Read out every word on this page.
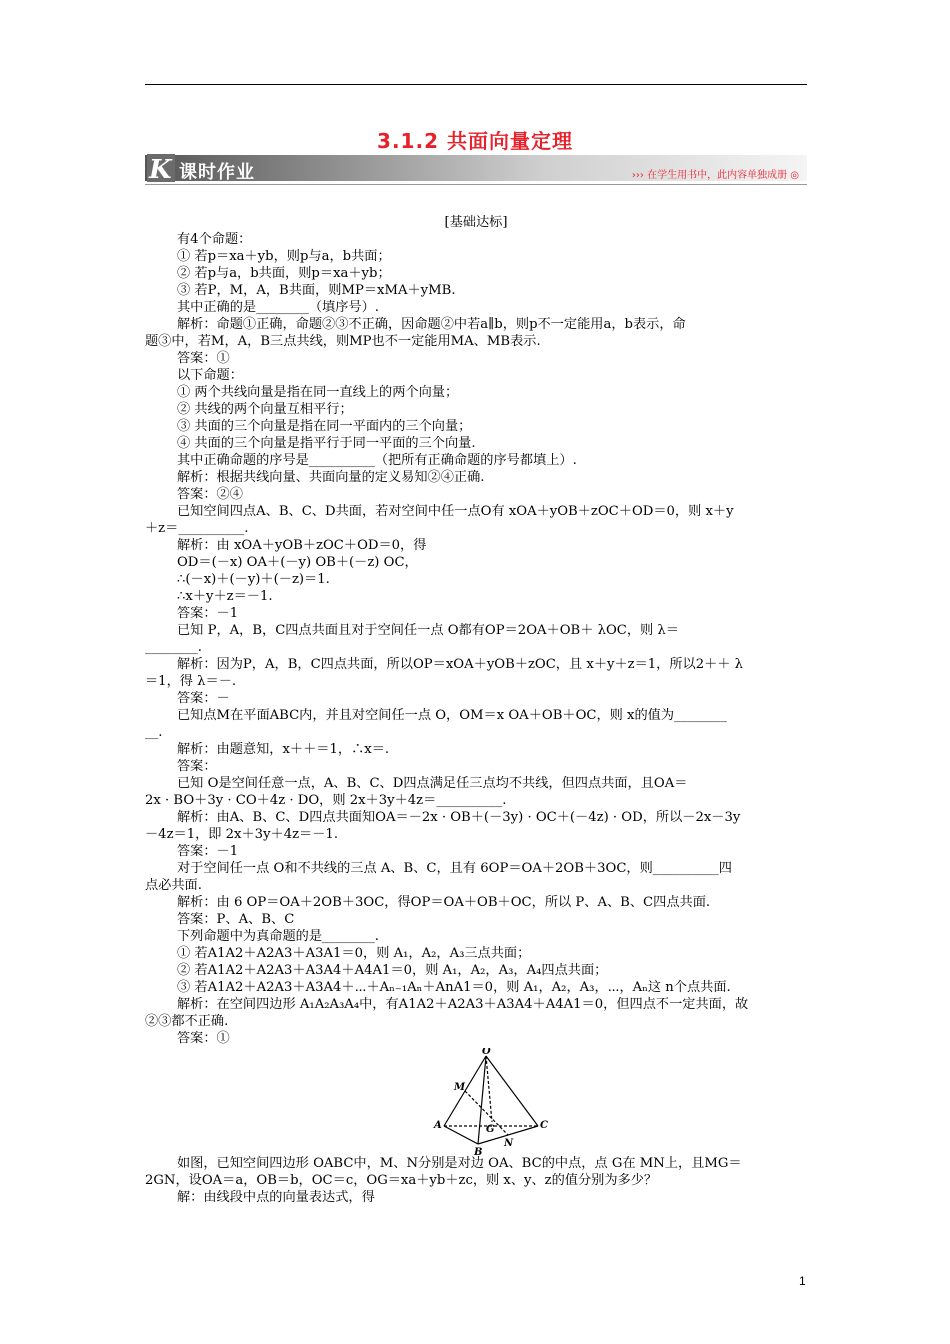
3.1.2 共面向量定理
K 课时作业	››› 在学生用书中，此内容单独成册 ◎
[基础达标]
有4个命题：
① 若p＝xa＋yb，则p与a，b共面；
② 若p与a，b共面，则p＝xa＋yb；
③ 若P，M，A，B共面，则MP＝xMA＋yMB.
其中正确的是________（填序号）.
解析：命题①正确，命题②③不正确，因命题②中若a∥b，则p不一定能用a，b表示，命
题③中，若M，A，B三点共线，则MP也不一定能用MA、MB表示.
答案：①
以下命题：
① 两个共线向量是指在同一直线上的两个向量；
② 共线的两个向量互相平行；
③ 共面的三个向量是指在同一平面内的三个向量；
④ 共面的三个向量是指平行于同一平面的三个向量.
其中正确命题的序号是__________（把所有正确命题的序号都填上）.
解析：根据共线向量、共面向量的定义易知②④正确.
答案：②④
已知空间四点A、B、C、D共面，若对空间中任一点O有 xOA＋yOB＋zOC＋OD＝0，则 x＋y
＋z＝__________.
解析：由 xOA＋yOB＋zOC＋OD＝0，得
OD＝(－x) OA＋(－y) OB＋(－z) OC，
∴(－x)＋(－y)＋(－z)＝1.
∴x＋y＋z＝－1.
答案：－1
已知 P，A，B，C四点共面且对于空间任一点 O都有OP＝2OA＋OB＋ λOC，则 λ＝
________.
解析：因为P，A，B，C四点共面，所以OP＝xOA＋yOB＋zOC，且 x＋y＋z＝1，所以2＋＋ λ
＝1，得 λ＝－.
答案：－
已知点M在平面ABC内，并且对空间任一点 O，OM＝x OA＋OB＋OC，则 x的值为________
__.
解析：由题意知，x＋＋＝1，∴x＝.
答案：
已知 O是空间任意一点，A、B、C、D四点满足任三点均不共线，但四点共面，且OA＝
2x · BO＋3y · CO＋4z · DO，则 2x＋3y＋4z＝__________.
解析：由A、B、C、D四点共面知OA＝－2x · OB＋(－3y) · OC＋(－4z) · OD，所以－2x－3y
－4z＝1，即 2x＋3y＋4z＝－1.
答案：－1
对于空间任一点 O和不共线的三点 A、B、C，且有 6OP＝OA＋2OB＋3OC，则__________四
点必共面.
解析：由 6 OP＝OA＋2OB＋3OC，得OP＝OA＋OB＋OC，所以 P、A、B、C四点共面.
答案：P、A、B、C
下列命题中为真命题的是________.
① 若A1A2＋A2A3＋A3A1＝0，则 A₁，A₂，A₃三点共面；
② 若A1A2＋A2A3＋A3A4＋A4A1＝0，则 A₁，A₂，A₃，A₄四点共面；
③ 若A1A2＋A2A3＋A3A4＋⋯＋Aₙ₋₁Aₙ＋AnA1＝0，则 A₁，A₂，A₃，⋯，Aₙ这 n个点共面.
解析：在空间四边形 A₁A₂A₃A₄中，有A1A2＋A2A3＋A3A4＋A4A1＝0，但四点不一定共面，故
②③都不正确.
答案：①
O
M
A
B
C
G
N
如图，已知空间四边形 OABC中，M、N分别是对边 OA、BC的中点，点 G在 MN上，且MG＝
2GN，设OA＝a，OB＝b，OC＝c，OG＝xa＋yb＋zc，则 x、y、z的值分别为多少？
解：由线段中点的向量表达式，得
1
